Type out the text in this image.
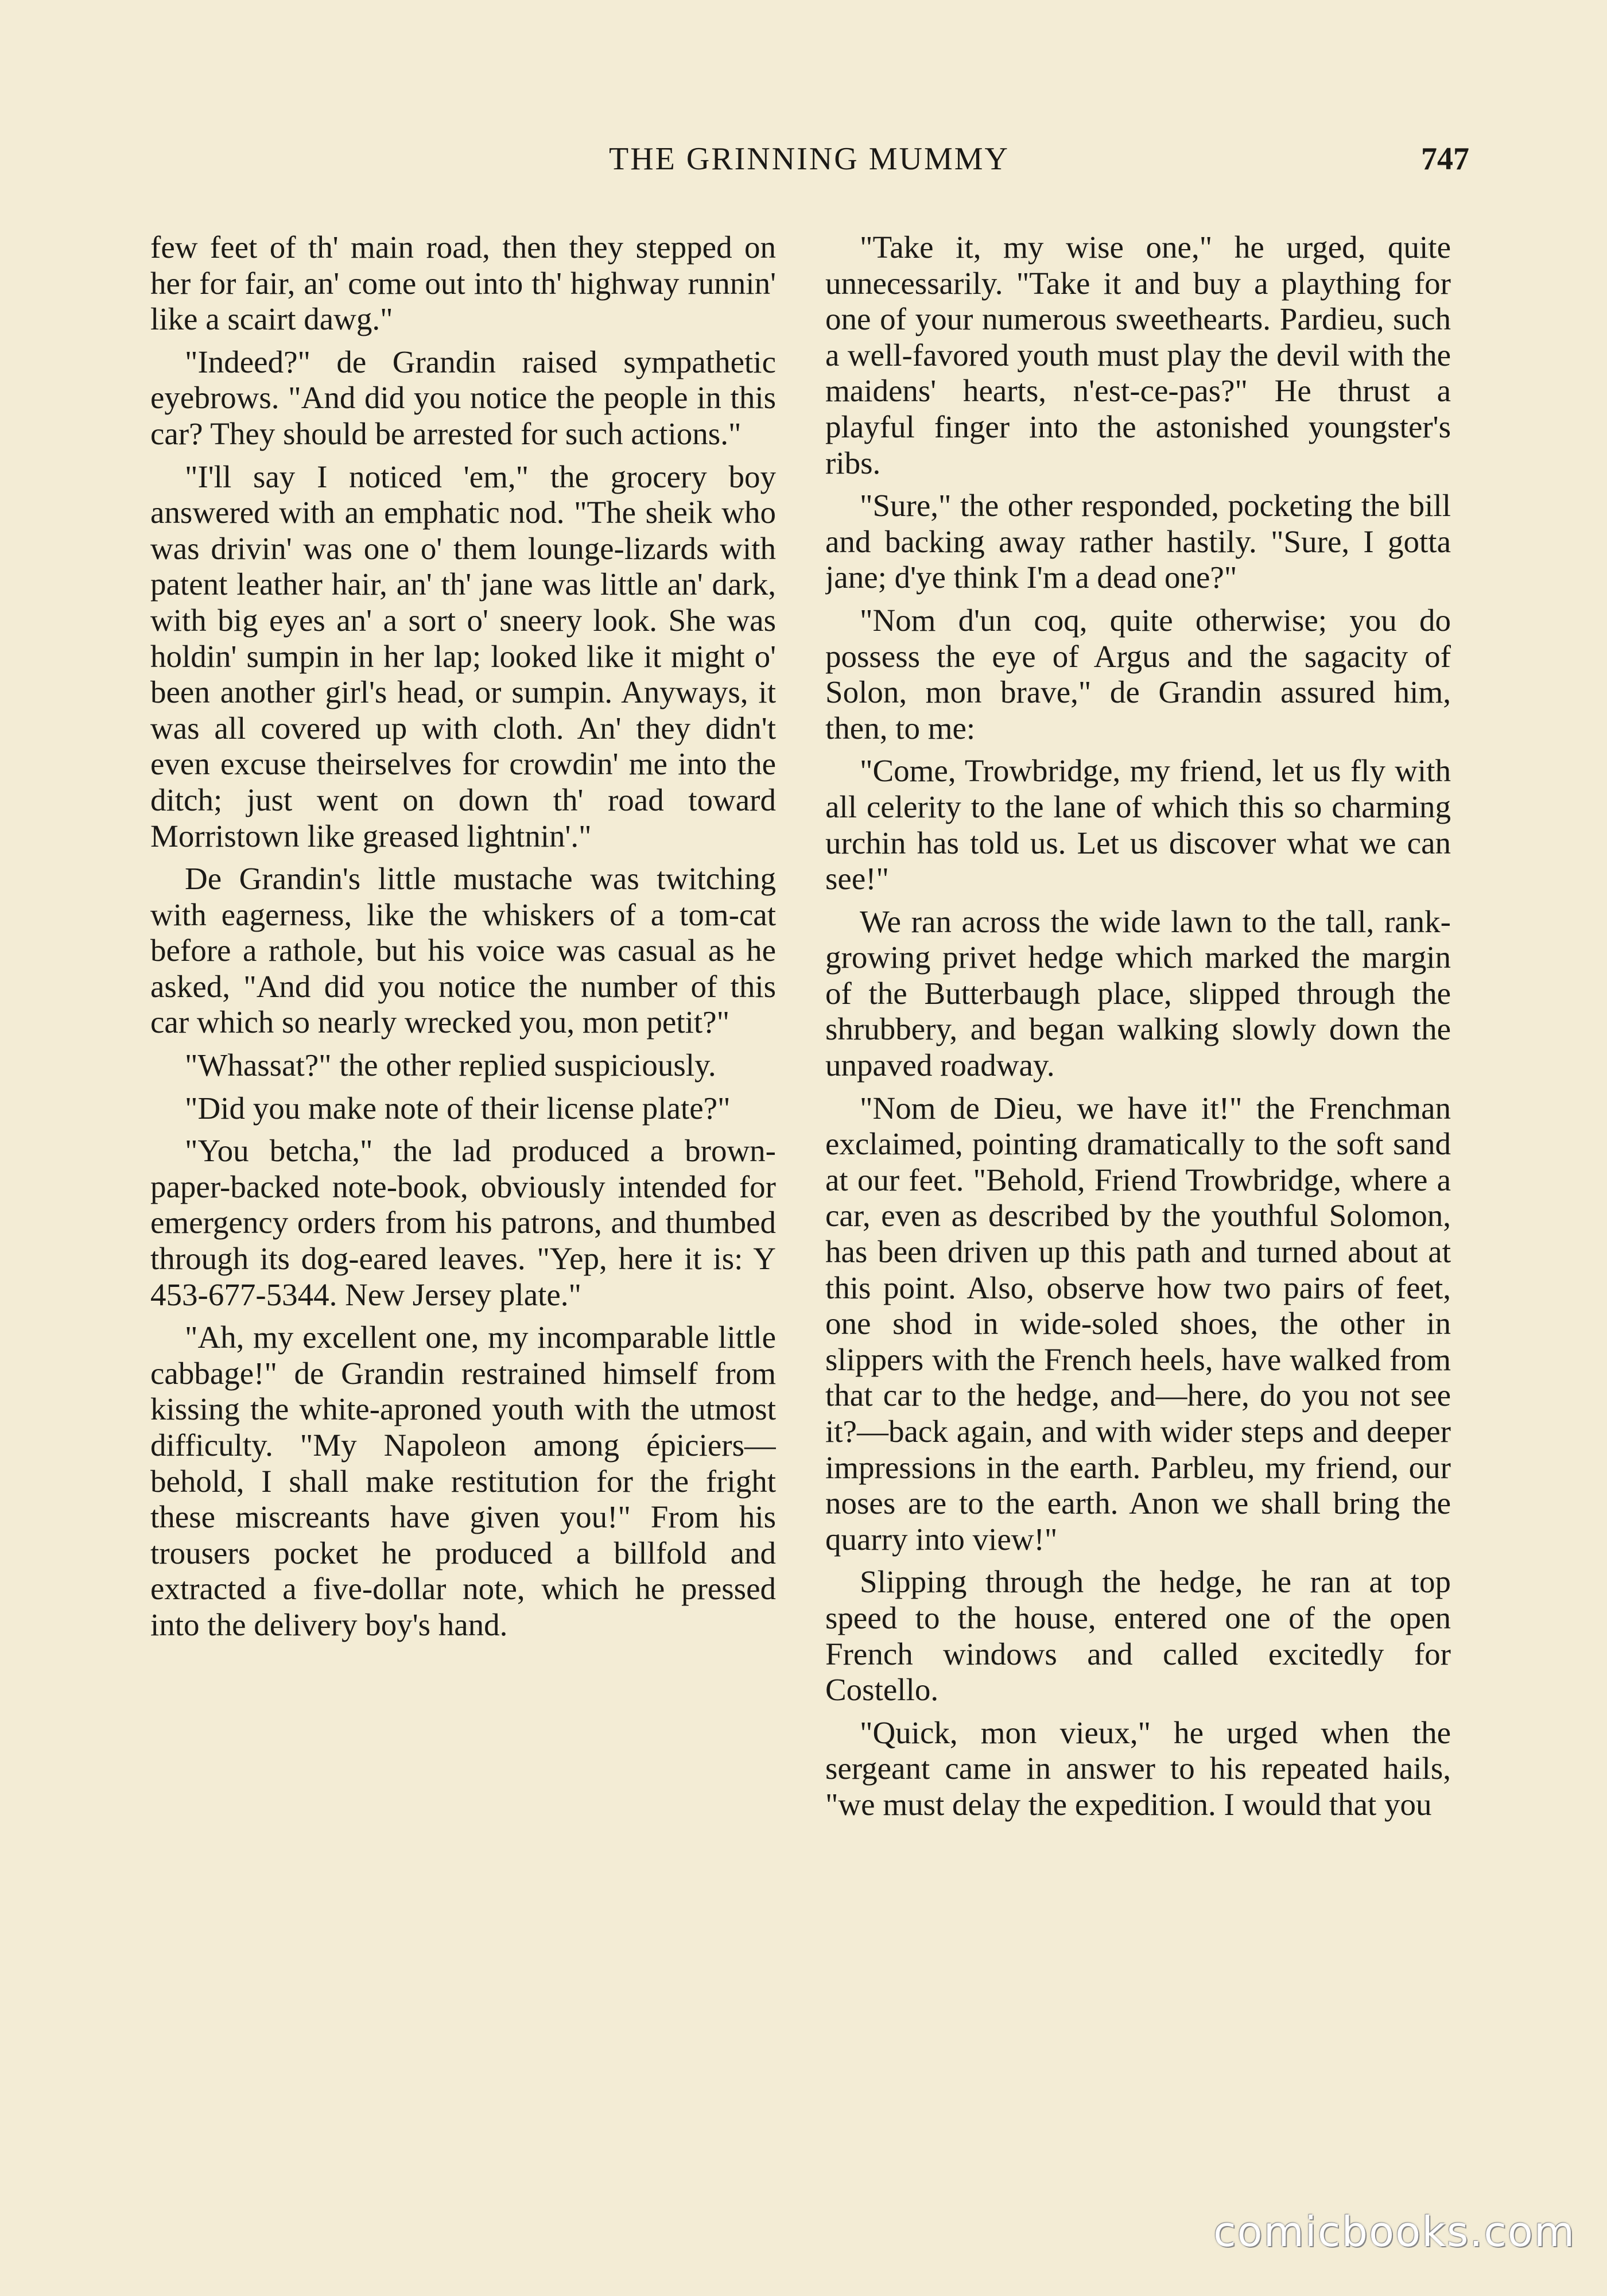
THE GRINNING MUMMY	747

few feet of th' main road, then they stepped on her for fair, an' come out into th' highway runnin' like a scairt dawg."

"Indeed?" de Grandin raised sympathetic eyebrows. "And did you notice the people in this car? They should be arrested for such actions."

"I'll say I noticed 'em," the grocery boy answered with an emphatic nod. "The sheik who was drivin' was one o' them lounge-lizards with patent leather hair, an' th' jane was little an' dark, with big eyes an' a sort o' sneery look. She was holdin' sumpin in her lap; looked like it might o' been another girl's head, or sumpin. Anyways, it was all covered up with cloth. An' they didn't even excuse theirselves for crowdin' me into the ditch; just went on down th' road toward Morristown like greased lightnin'."

De Grandin's little mustache was twitching with eagerness, like the whiskers of a tom-cat before a rathole, but his voice was casual as he asked, "And did you notice the number of this car which so nearly wrecked you, mon petit?"

"Whassat?" the other replied suspiciously.

"Did you make note of their license plate?"

"You betcha," the lad produced a brown-paper-backed note-book, obviously intended for emergency orders from his patrons, and thumbed through its dog-eared leaves. "Yep, here it is: Y 453-677-5344. New Jersey plate."

"Ah, my excellent one, my incomparable little cabbage!" de Grandin restrained himself from kissing the white-aproned youth with the utmost difficulty. "My Napoleon among épiciers—behold, I shall make restitution for the fright these miscreants have given you!" From his trousers pocket he produced a billfold and extracted a five-dollar note, which he pressed into the delivery boy's hand.

"Take it, my wise one," he urged, quite unnecessarily. "Take it and buy a plaything for one of your numerous sweethearts. Pardieu, such a well-favored youth must play the devil with the maidens' hearts, n'est-ce-pas?" He thrust a playful finger into the astonished youngster's ribs.

"Sure," the other responded, pocketing the bill and backing away rather hastily. "Sure, I gotta jane; d'ye think I'm a dead one?"

"Nom d'un coq, quite otherwise; you do possess the eye of Argus and the sagacity of Solon, mon brave," de Grandin assured him, then, to me:

"Come, Trowbridge, my friend, let us fly with all celerity to the lane of which this so charming urchin has told us. Let us discover what we can see!"

We ran across the wide lawn to the tall, rank-growing privet hedge which marked the margin of the Butterbaugh place, slipped through the shrubbery, and began walking slowly down the unpaved roadway.

"Nom de Dieu, we have it!" the Frenchman exclaimed, pointing dramatically to the soft sand at our feet. "Behold, Friend Trowbridge, where a car, even as described by the youthful Solomon, has been driven up this path and turned about at this point. Also, observe how two pairs of feet, one shod in wide-soled shoes, the other in slippers with the French heels, have walked from that car to the hedge, and—here, do you not see it?—back again, and with wider steps and deeper impressions in the earth. Parbleu, my friend, our noses are to the earth. Anon we shall bring the quarry into view!"

Slipping through the hedge, he ran at top speed to the house, entered one of the open French windows and called excitedly for Costello.

"Quick, mon vieux," he urged when the sergeant came in answer to his repeated hails, "we must delay the expedition. I would that you

comicbooks.com
